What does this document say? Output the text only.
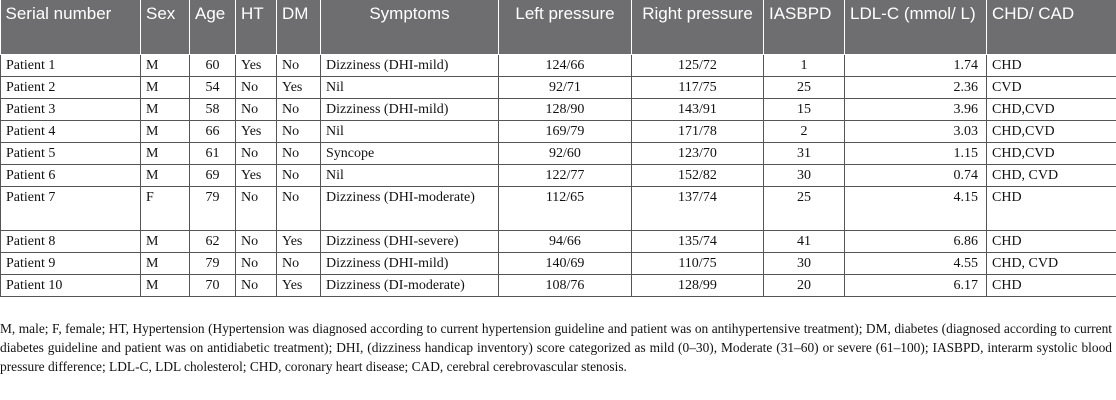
Serial number	Sex	Age	HT	DM	Symptoms	Left pressure	Right pressure	IASBPD	LDL-C (mmol/ L)	CHD/ CAD
Patient 1	M	60	Yes	No	Dizziness (DHI-mild)	124/66	125/72	1	1.74	CHD
Patient 2	M	54	No	Yes	Nil	92/71	117/75	25	2.36	CVD
Patient 3	M	58	No	No	Dizziness (DHI-mild)	128/90	143/91	15	3.96	CHD,CVD
Patient 4	M	66	Yes	No	Nil	169/79	171/78	2	3.03	CHD,CVD
Patient 5	M	61	No	No	Syncope	92/60	123/70	31	1.15	CHD,CVD
Patient 6	M	69	Yes	No	Nil	122/77	152/82	30	0.74	CHD, CVD
Patient 7	F	79	No	No	Dizziness (DHI-moderate)	112/65	137/74	25	4.15	CHD
Patient 8	M	62	No	Yes	Dizziness (DHI-severe)	94/66	135/74	41	6.86	CHD
Patient 9	M	79	No	No	Dizziness (DHI-mild)	140/69	110/75	30	4.55	CHD, CVD
Patient 10	M	70	No	Yes	Dizziness (DI-moderate)	108/76	128/99	20	6.17	CHD

M, male; F, female; HT, Hypertension (Hypertension was diagnosed according to current hypertension guideline and patient was on antihypertensive treatment); DM, diabetes (diagnosed according to current diabetes guideline and patient was on antidiabetic treatment); DHI, (dizziness handicap inventory) score categorized as mild (0–30), Moderate (31–60) or severe (61–100); IASBPD, interarm systolic blood pressure difference; LDL-C, LDL cholesterol; CHD, coronary heart disease; CAD, cerebral cerebrovascular stenosis.
